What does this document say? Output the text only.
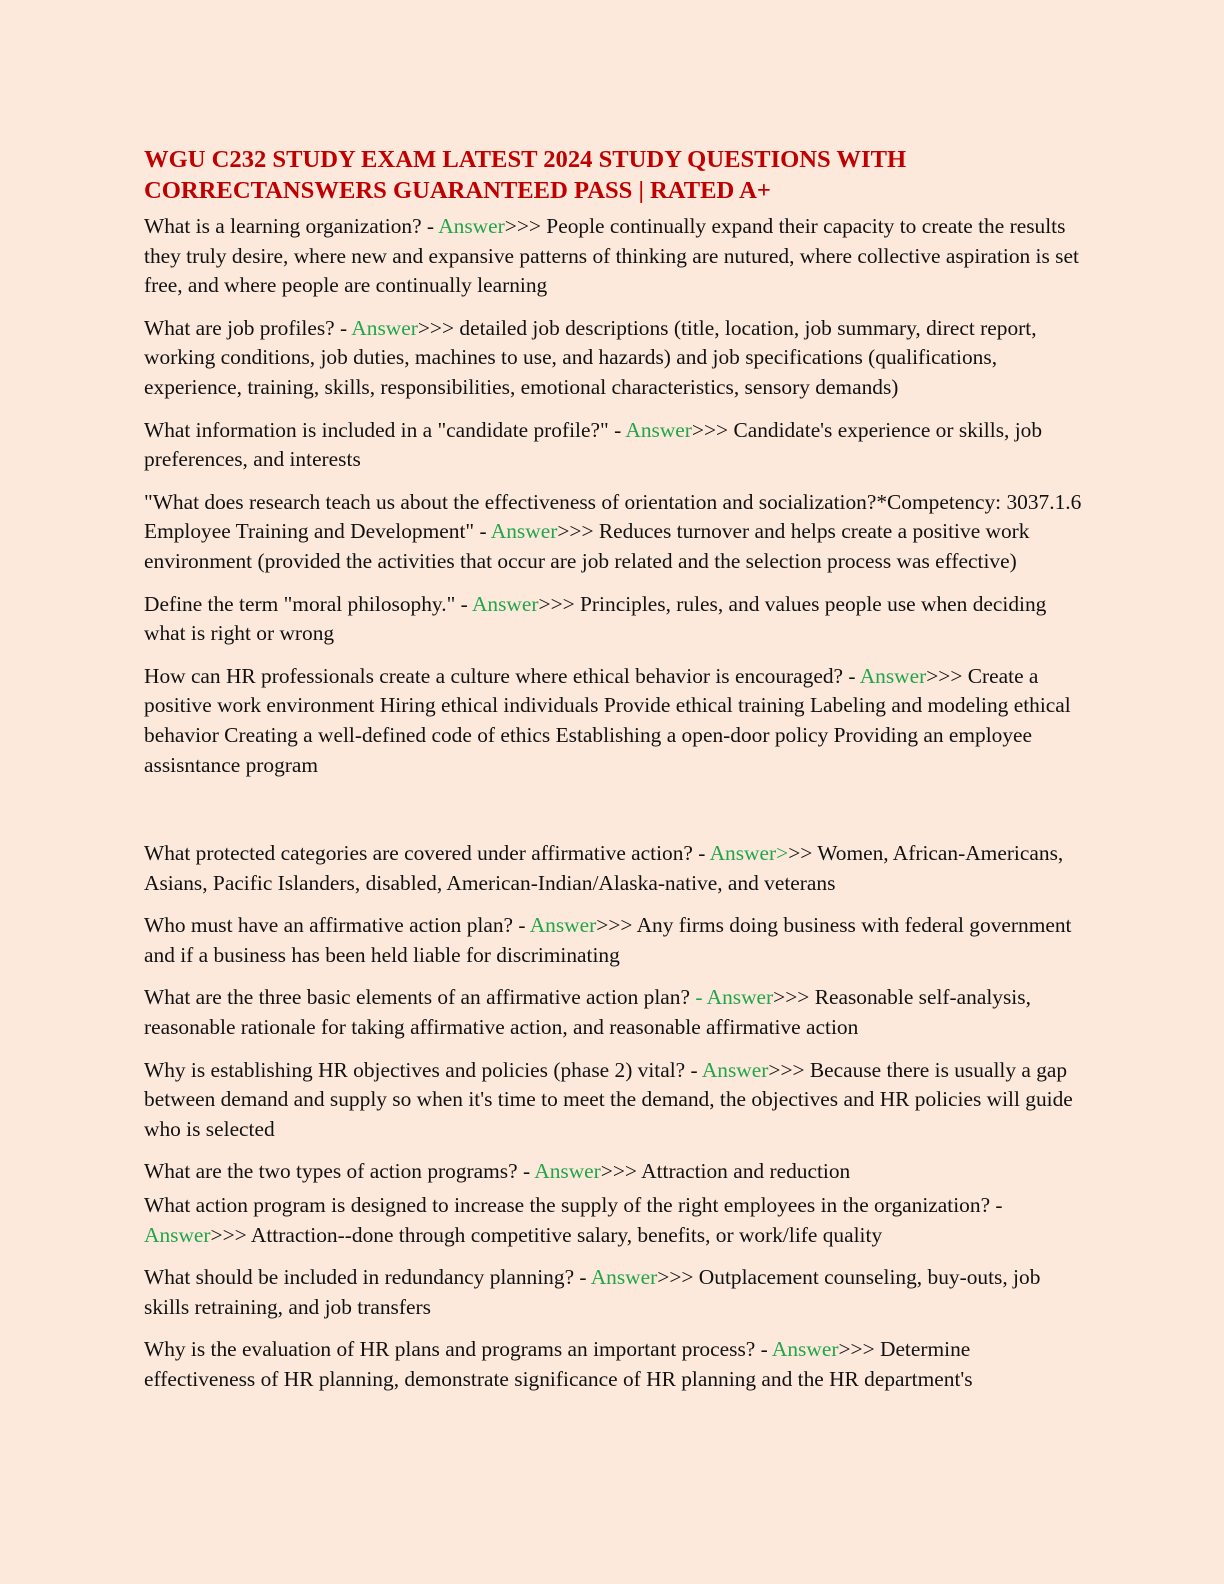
WGU C232 STUDY EXAM LATEST 2024 STUDY QUESTIONS WITH
CORRECTANSWERS GUARANTEED PASS | RATED A+

What is a learning organization? - Answer>>> People continually expand their capacity to create the results they truly desire, where new and expansive patterns of thinking are nutured, where collective aspiration is set free, and where people are continually learning

What are job profiles? - Answer>>> detailed job descriptions (title, location, job summary, direct report, working conditions, job duties, machines to use, and hazards) and job specifications (qualifications, experience, training, skills, responsibilities, emotional characteristics, sensory demands)

What information is included in a "candidate profile?" - Answer>>> Candidate's experience or skills, job preferences, and interests

"What does research teach us about the effectiveness of orientation and socialization?*Competency: 3037.1.6 Employee Training and Development" - Answer>>> Reduces turnover and helps create a positive work environment (provided the activities that occur are job related and the selection process was effective)

Define the term "moral philosophy." - Answer>>> Principles, rules, and values people use when deciding what is right or wrong

How can HR professionals create a culture where ethical behavior is encouraged? - Answer>>> Create a positive work environment Hiring ethical individuals Provide ethical training Labeling and modeling ethical behavior Creating a well-defined code of ethics Establishing a open-door policy Providing an employee assisntance program

What protected categories are covered under affirmative action? - Answer>>> Women, African-Americans, Asians, Pacific Islanders, disabled, American-Indian/Alaska-native, and veterans

Who must have an affirmative action plan? - Answer>>> Any firms doing business with federal government and if a business has been held liable for discriminating

What are the three basic elements of an affirmative action plan? - Answer>>> Reasonable self-analysis, reasonable rationale for taking affirmative action, and reasonable affirmative action

Why is establishing HR objectives and policies (phase 2) vital? - Answer>>> Because there is usually a gap between demand and supply so when it's time to meet the demand, the objectives and HR policies will guide who is selected

What are the two types of action programs? - Answer>>> Attraction and reduction

What action program is designed to increase the supply of the right employees in the organization? - Answer>>> Attraction--done through competitive salary, benefits, or work/life quality

What should be included in redundancy planning? - Answer>>> Outplacement counseling, buy-outs, job skills retraining, and job transfers

Why is the evaluation of HR plans and programs an important process? - Answer>>> Determine effectiveness of HR planning, demonstrate significance of HR planning and the HR department's
